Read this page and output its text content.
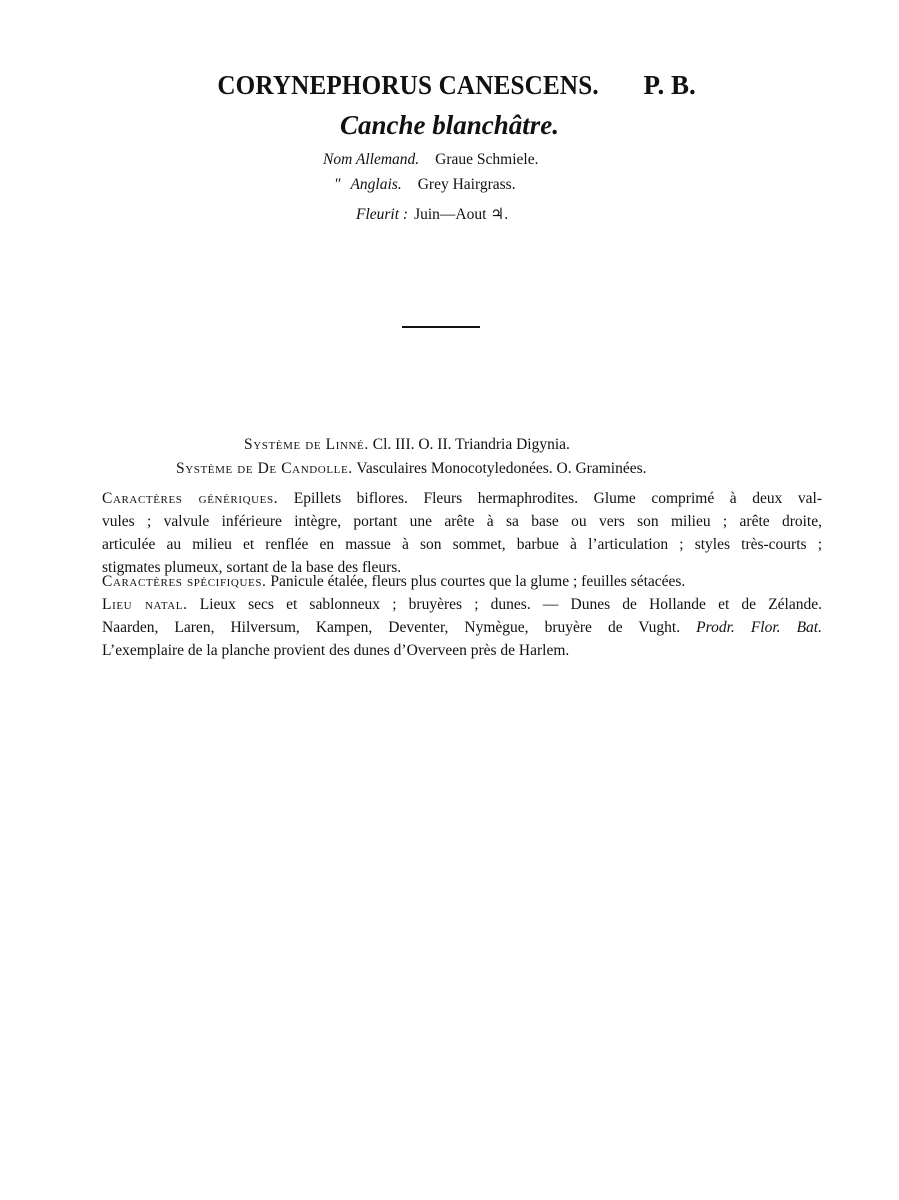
CORYNEPHORUS CANESCENS. P. B.
Canche blanchâtre.
Nom Allemand. Graue Schmiele.
″ Anglais. Grey Hairgrass.
Fleurit : Juin—Aout ♃.
Système de Linné. Cl. III. O. II. Triandria Digynia.
Système de De Candolle. Vasculaires Monocotyledonées. O. Graminées.
Caractères génériques. Epillets biflores. Fleurs hermaphrodites. Glume comprimé à deux val-
vules ; valvule inférieure intègre, portant une arête à sa base ou vers son milieu ; arête droite,
articulée au milieu et renflée en massue à son sommet, barbue à l’articulation ; styles très-courts ;
stigmates plumeux, sortant de la base des fleurs.
Caractères spécifiques. Panicule étalée, fleurs plus courtes que la glume ; feuilles sétacées.
Lieu natal. Lieux secs et sablonneux ; bruyères ; dunes. — Dunes de Hollande et de Zélande.
Naarden, Laren, Hilversum, Kampen, Deventer, Nymègue, bruyère de Vught. Prodr. Flor. Bat.
L’exemplaire de la planche provient des dunes d’Overveen près de Harlem.
